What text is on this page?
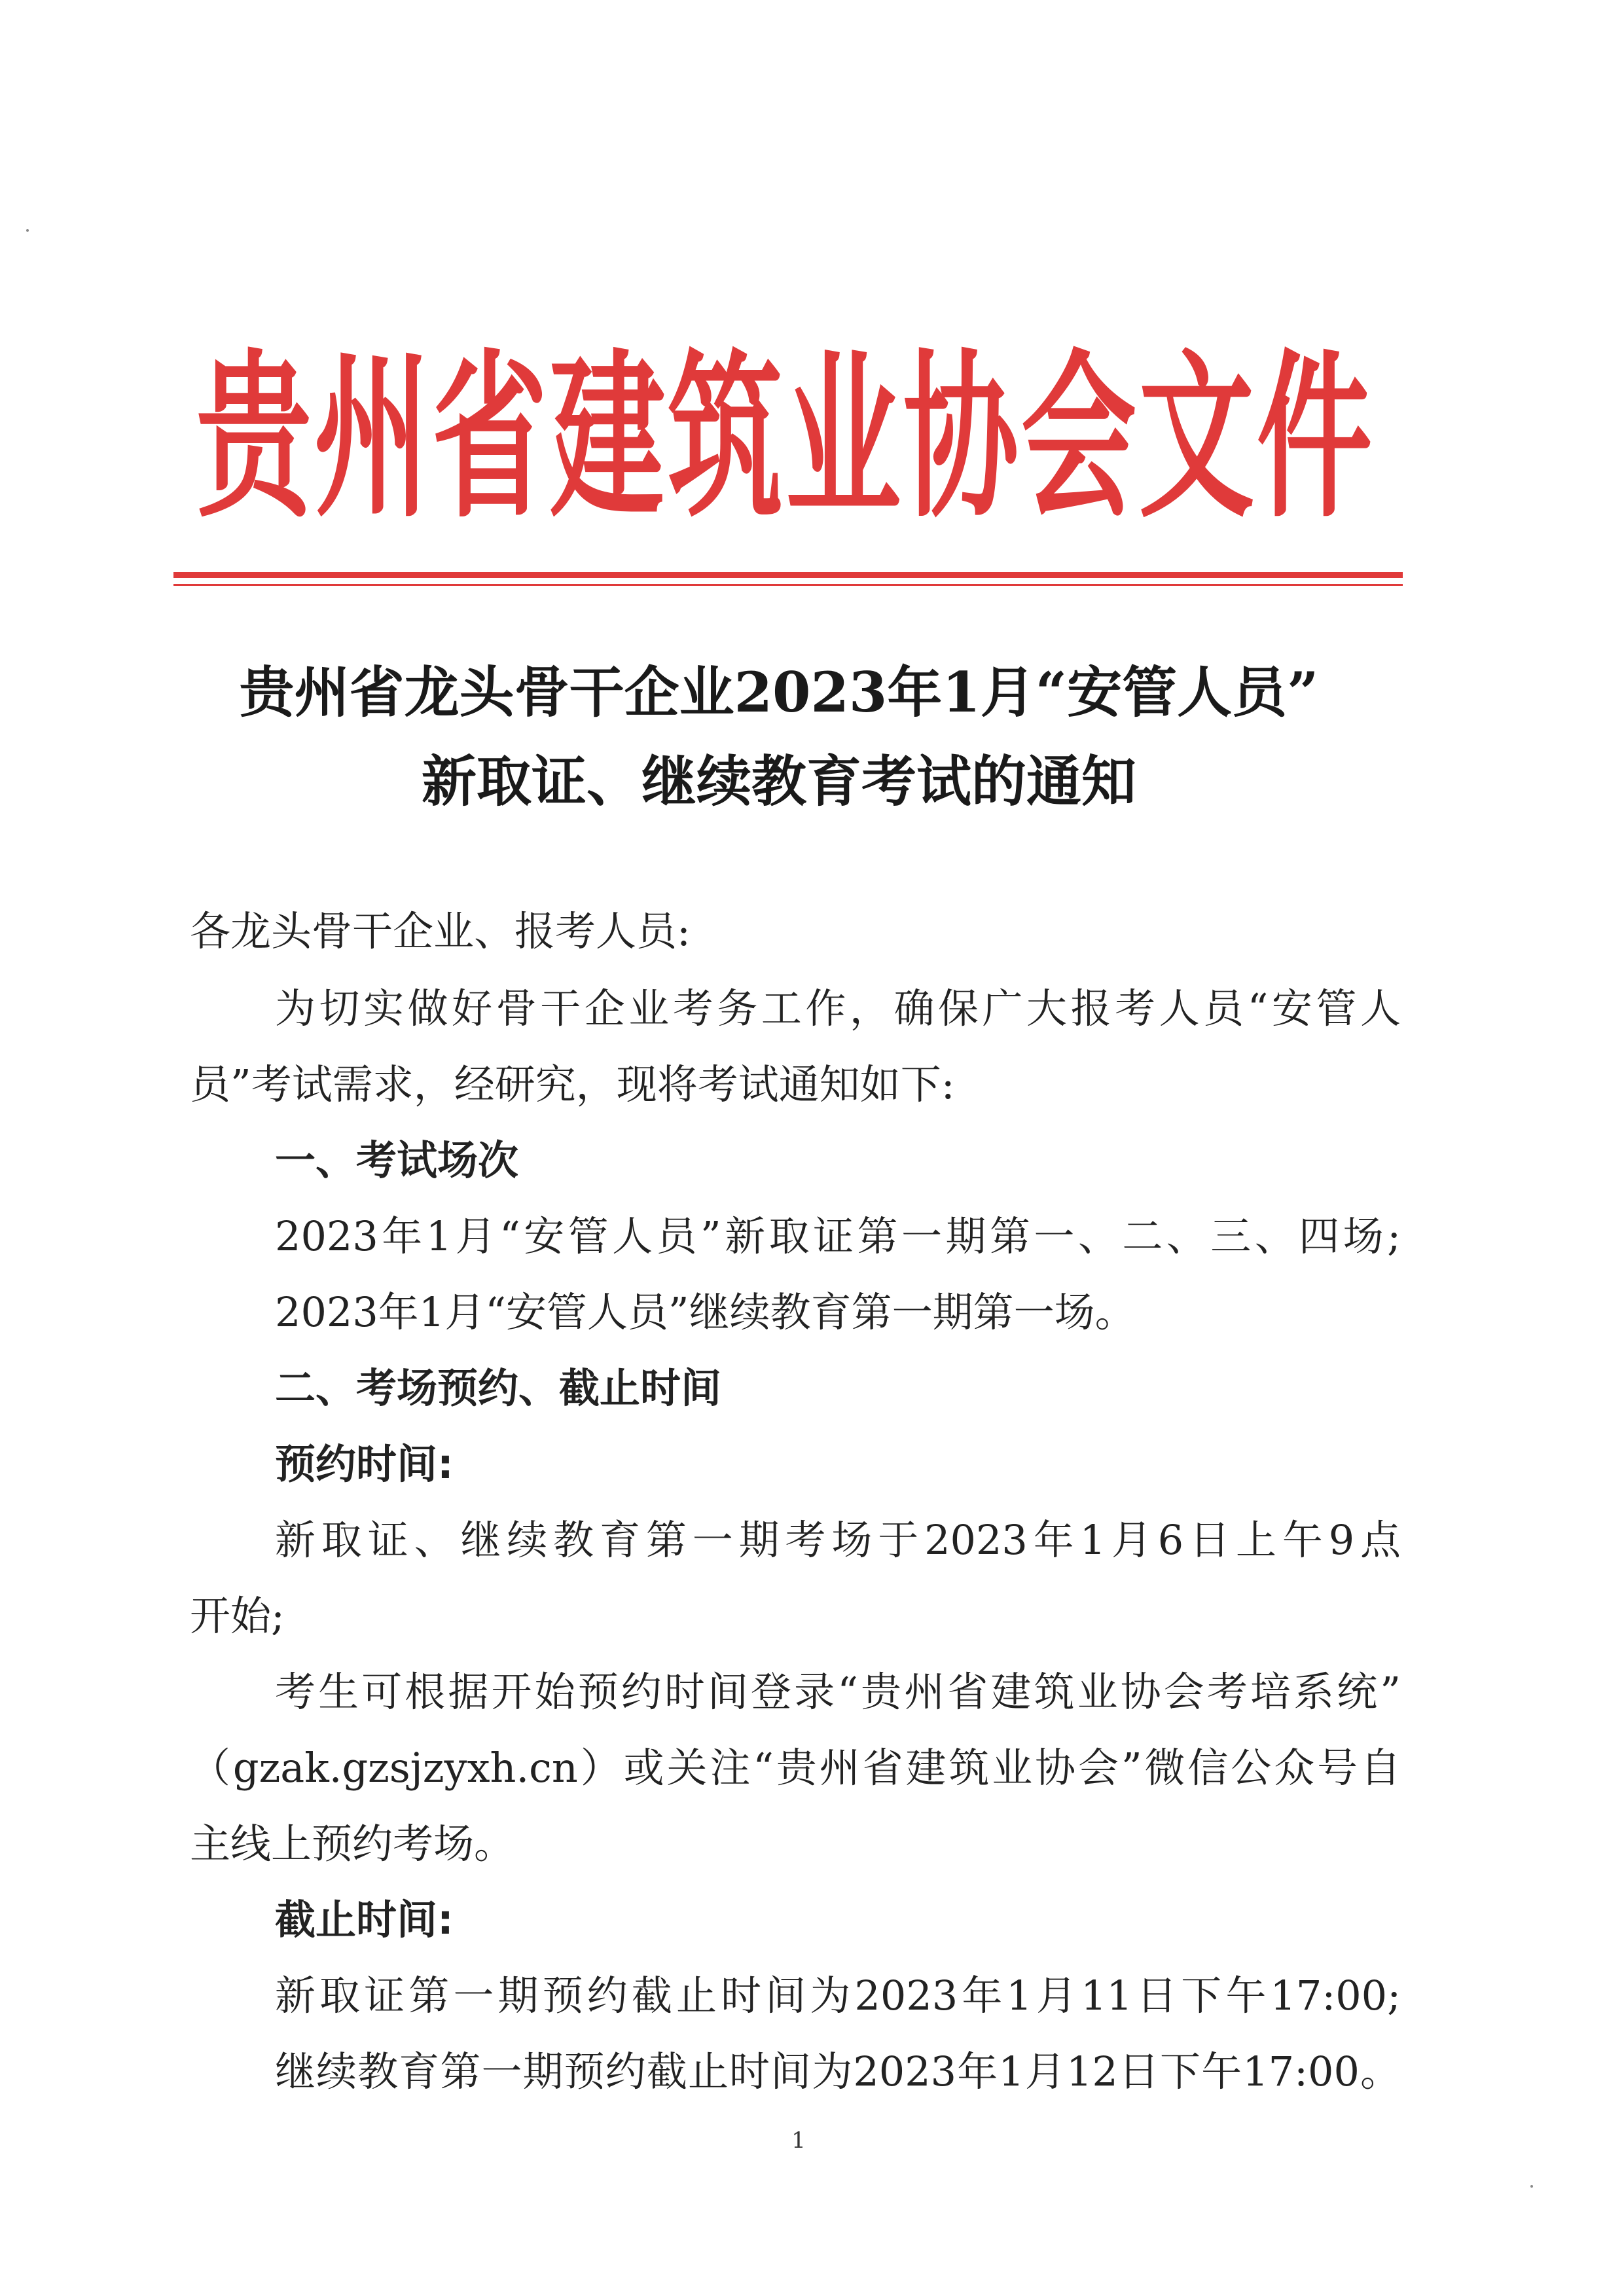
贵州省建筑业协会文件
贵州省龙头骨干企业2023年1月“安管人员”
新取证、继续教育考试的通知
各龙头骨干企业、报考人员:
为切实做好骨干企业考务工作，确保广大报考人员“安管人
员”考试需求，经研究，现将考试通知如下:
一、考试场次
2023年1月“安管人员”新取证第一期第一、二、三、四场;
2023年1月“安管人员”继续教育第一期第一场。
二、考场预约、截止时间
预约时间:
新取证、继续教育第一期考场于2023年1月6日上午9点
开始;
考生可根据开始预约时间登录“贵州省建筑业协会考培系统”
（gzak.gzsjzyxh.cn）或关注“贵州省建筑业协会”微信公众号自
主线上预约考场。
截止时间:
新取证第一期预约截止时间为2023年1月11日下午17:00;
继续教育第一期预约截止时间为2023年1月12日下午17:00。
1
